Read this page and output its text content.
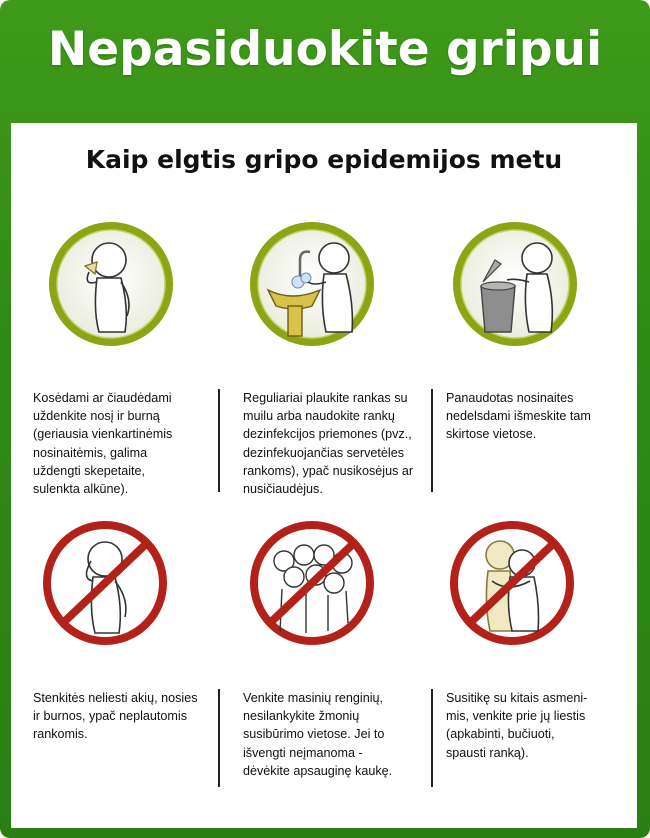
Nepasiduokite gripui
Kaip elgtis gripo epidemijos metu
Kosėdami ar čiaudėdami
uždenkite nosį ir burną
(geriausia vienkartinėmis
nosinaitėmis, galima
uždengti skepetaite,
sulenkta alkūne).
Reguliariai plaukite rankas su
muilu arba naudokite rankų
dezinfekcijos priemones (pvz.,
dezinfekuojančias servetėles
rankoms), ypač nusikosėjus ar
nusičiaudėjus.
Panaudotas nosinaites
nedelsdami išmeskite tam
skirtose vietose.
Stenkitės neliesti akių, nosies
ir burnos, ypač neplautomis
rankomis.
Venkite masinių renginių,
nesilankykite žmonių
susibūrimo vietose. Jei to
išvengti neįmanoma -
dėvėkite apsauginę kaukę.
Susitikę su kitais asmeni-
mis, venkite prie jų liestis
(apkabinti, bučiuoti,
spausti ranką).
